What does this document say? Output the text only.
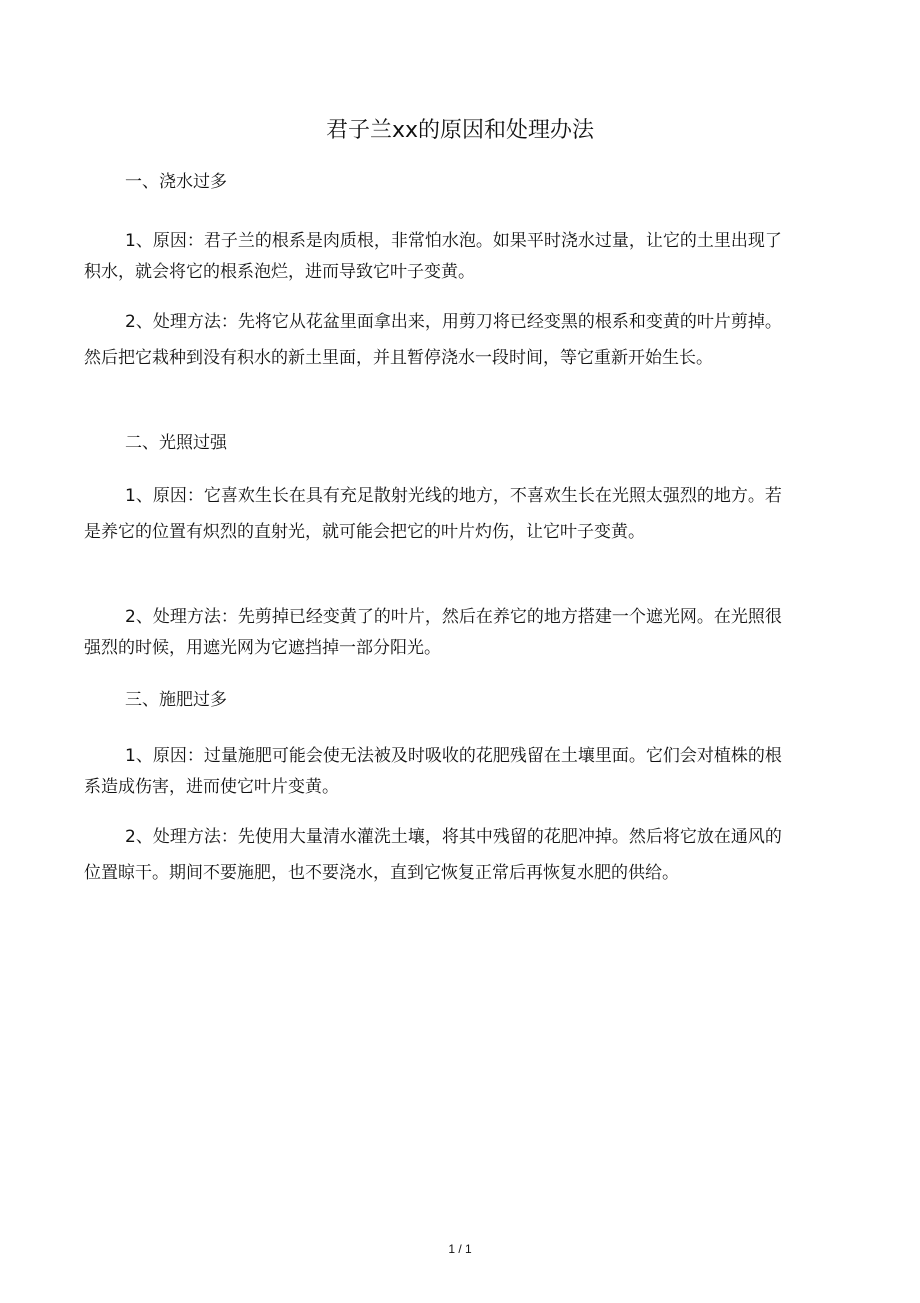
君子兰xx的原因和处理办法
一、浇水过多

1、原因：君子兰的根系是肉质根，非常怕水泡。如果平时浇水过量，让它的土里出现了积水，就会将它的根系泡烂，进而导致它叶子变黄。

2、处理方法：先将它从花盆里面拿出来，用剪刀将已经变黑的根系和变黄的叶片剪掉。然后把它栽种到没有积水的新土里面，并且暂停浇水一段时间，等它重新开始生长。

二、光照过强

1、原因：它喜欢生长在具有充足散射光线的地方，不喜欢生长在光照太强烈的地方。若是养它的位置有炽烈的直射光，就可能会把它的叶片灼伤，让它叶子变黄。

2、处理方法：先剪掉已经变黄了的叶片，然后在养它的地方搭建一个遮光网。在光照很强烈的时候，用遮光网为它遮挡掉一部分阳光。

三、施肥过多

1、原因：过量施肥可能会使无法被及时吸收的花肥残留在土壤里面。它们会对植株的根系造成伤害，进而使它叶片变黄。

2、处理方法：先使用大量清水灌洗土壤，将其中残留的花肥冲掉。然后将它放在通风的位置晾干。期间不要施肥，也不要浇水，直到它恢复正常后再恢复水肥的供给。

1 / 1
